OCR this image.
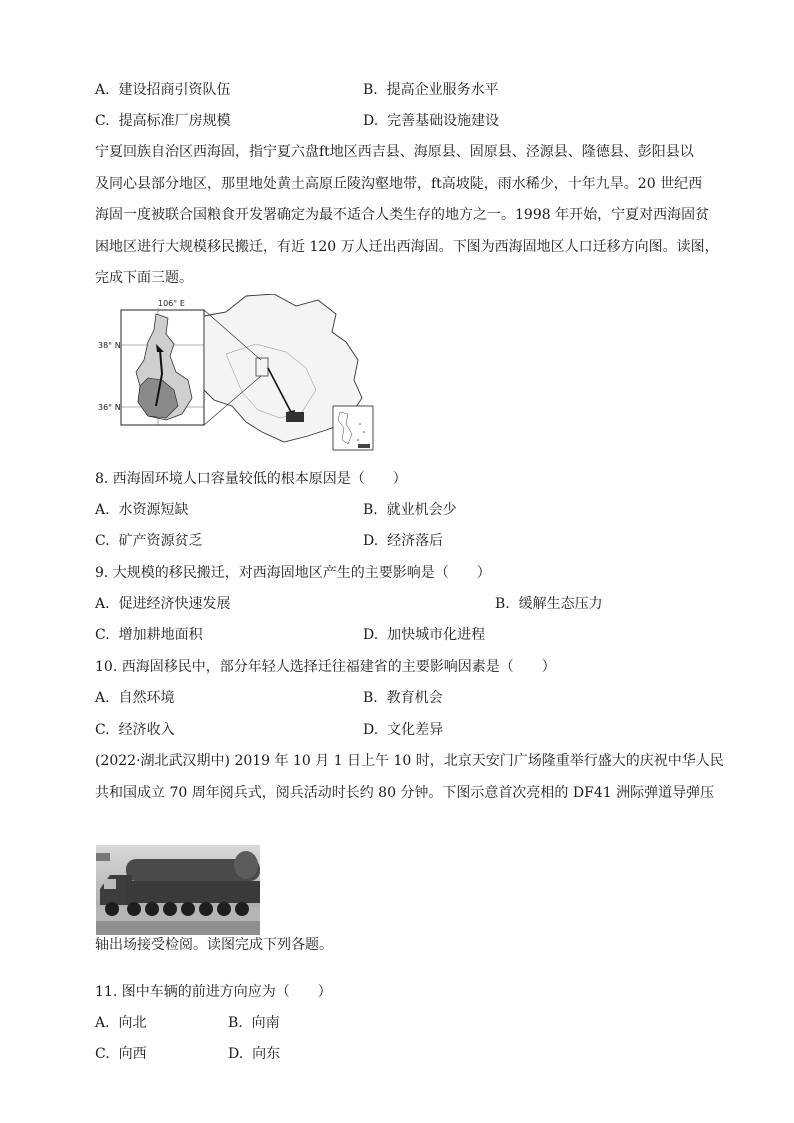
A. 建设招商引资队伍	B. 提高企业服务水平
C. 提高标准厂房规模	D. 完善基础设施建设
宁夏回族自治区西海固，指宁夏六盘ft地区西吉县、海原县、固原县、泾源县、隆德县、彭阳县以
及同心县部分地区，那里地处黄土高原丘陵沟壑地带，ft高坡陡，雨水稀少，十年九旱。20 世纪西
海固一度被联合国粮食开发署确定为最不适合人类生存的地方之一。1998 年开始，宁夏对西海固贫
困地区进行大规模移民搬迁，有近 120 万人迁出西海固。下图为西海固地区人口迁移方向图。读图，
完成下面三题。
106° E
38° N
36° N
8. 西海固环境人口容量较低的根本原因是（　　）
A. 水资源短缺	B. 就业机会少
C. 矿产资源贫乏	D. 经济落后
9. 大规模的移民搬迁，对西海固地区产生的主要影响是（　　）
A. 促进经济快速发展	B. 缓解生态压力
C. 增加耕地面积	D. 加快城市化进程
10. 西海固移民中，部分年轻人选择迁往福建省的主要影响因素是（　　）
A. 自然环境	B. 教育机会
C. 经济收入	D. 文化差异
(2022·湖北武汉期中) 2019 年 10 月 1 日上午 10 时，北京天安门广场隆重举行盛大的庆祝中华人民
共和国成立 70 周年阅兵式，阅兵活动时长约 80 分钟。下图示意首次亮相的 DF41 洲际弹道导弹压
轴出场接受检阅。读图完成下列各题。
11. 图中车辆的前进方向应为（　　）
A. 向北	B. 向南
C. 向西	D. 向东
